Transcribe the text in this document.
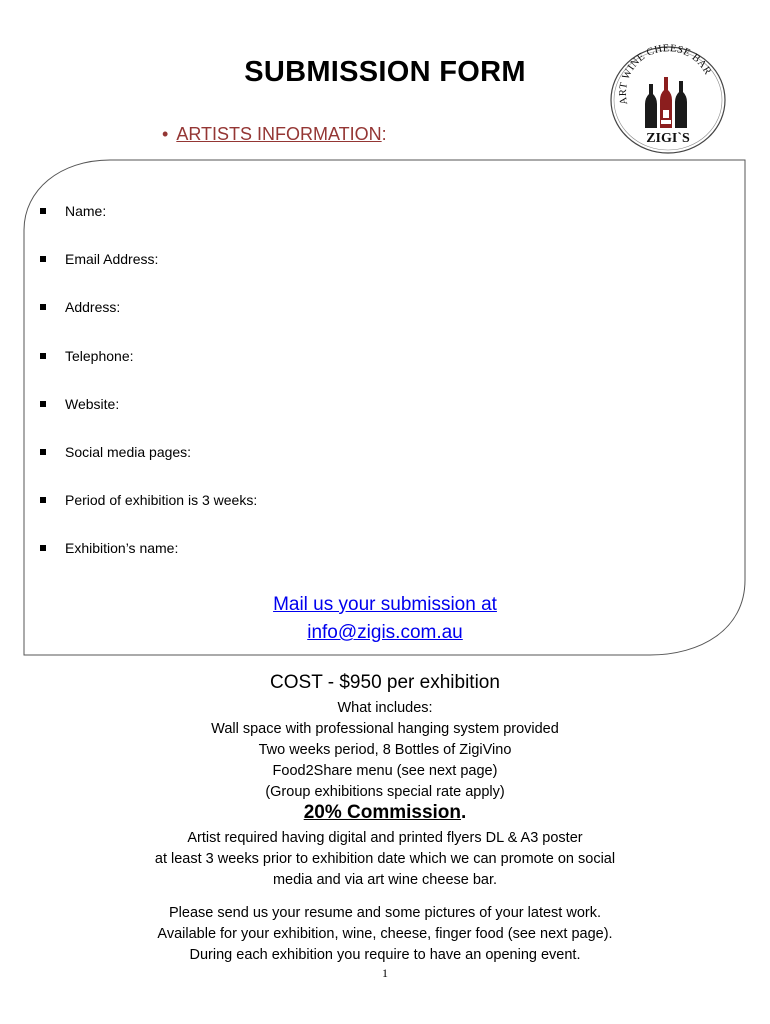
SUBMISSION FORM
• ARTISTS INFORMATION:
ART WINE CHEESE BAR
ZIGI`S
Name:
Email Address:
Address:
Telephone:
Website:
Social media pages:
Period of exhibition is 3 weeks:
Exhibition’s name:
Mail us your submission at
info@zigis.com.au
COST - $950 per exhibition
What includes:
Wall space with professional hanging system provided
Two weeks period, 8 Bottles of ZigiVino
Food2Share menu (see next page)
(Group exhibitions special rate apply)
20% Commission.
Artist required having digital and printed flyers DL & A3 poster
at least 3 weeks prior to exhibition date which we can promote on social
media and via art wine cheese bar.
Please send us your resume and some pictures of your latest work.
Available for your exhibition, wine, cheese, finger food (see next page).
During each exhibition you require to have an opening event.
1
